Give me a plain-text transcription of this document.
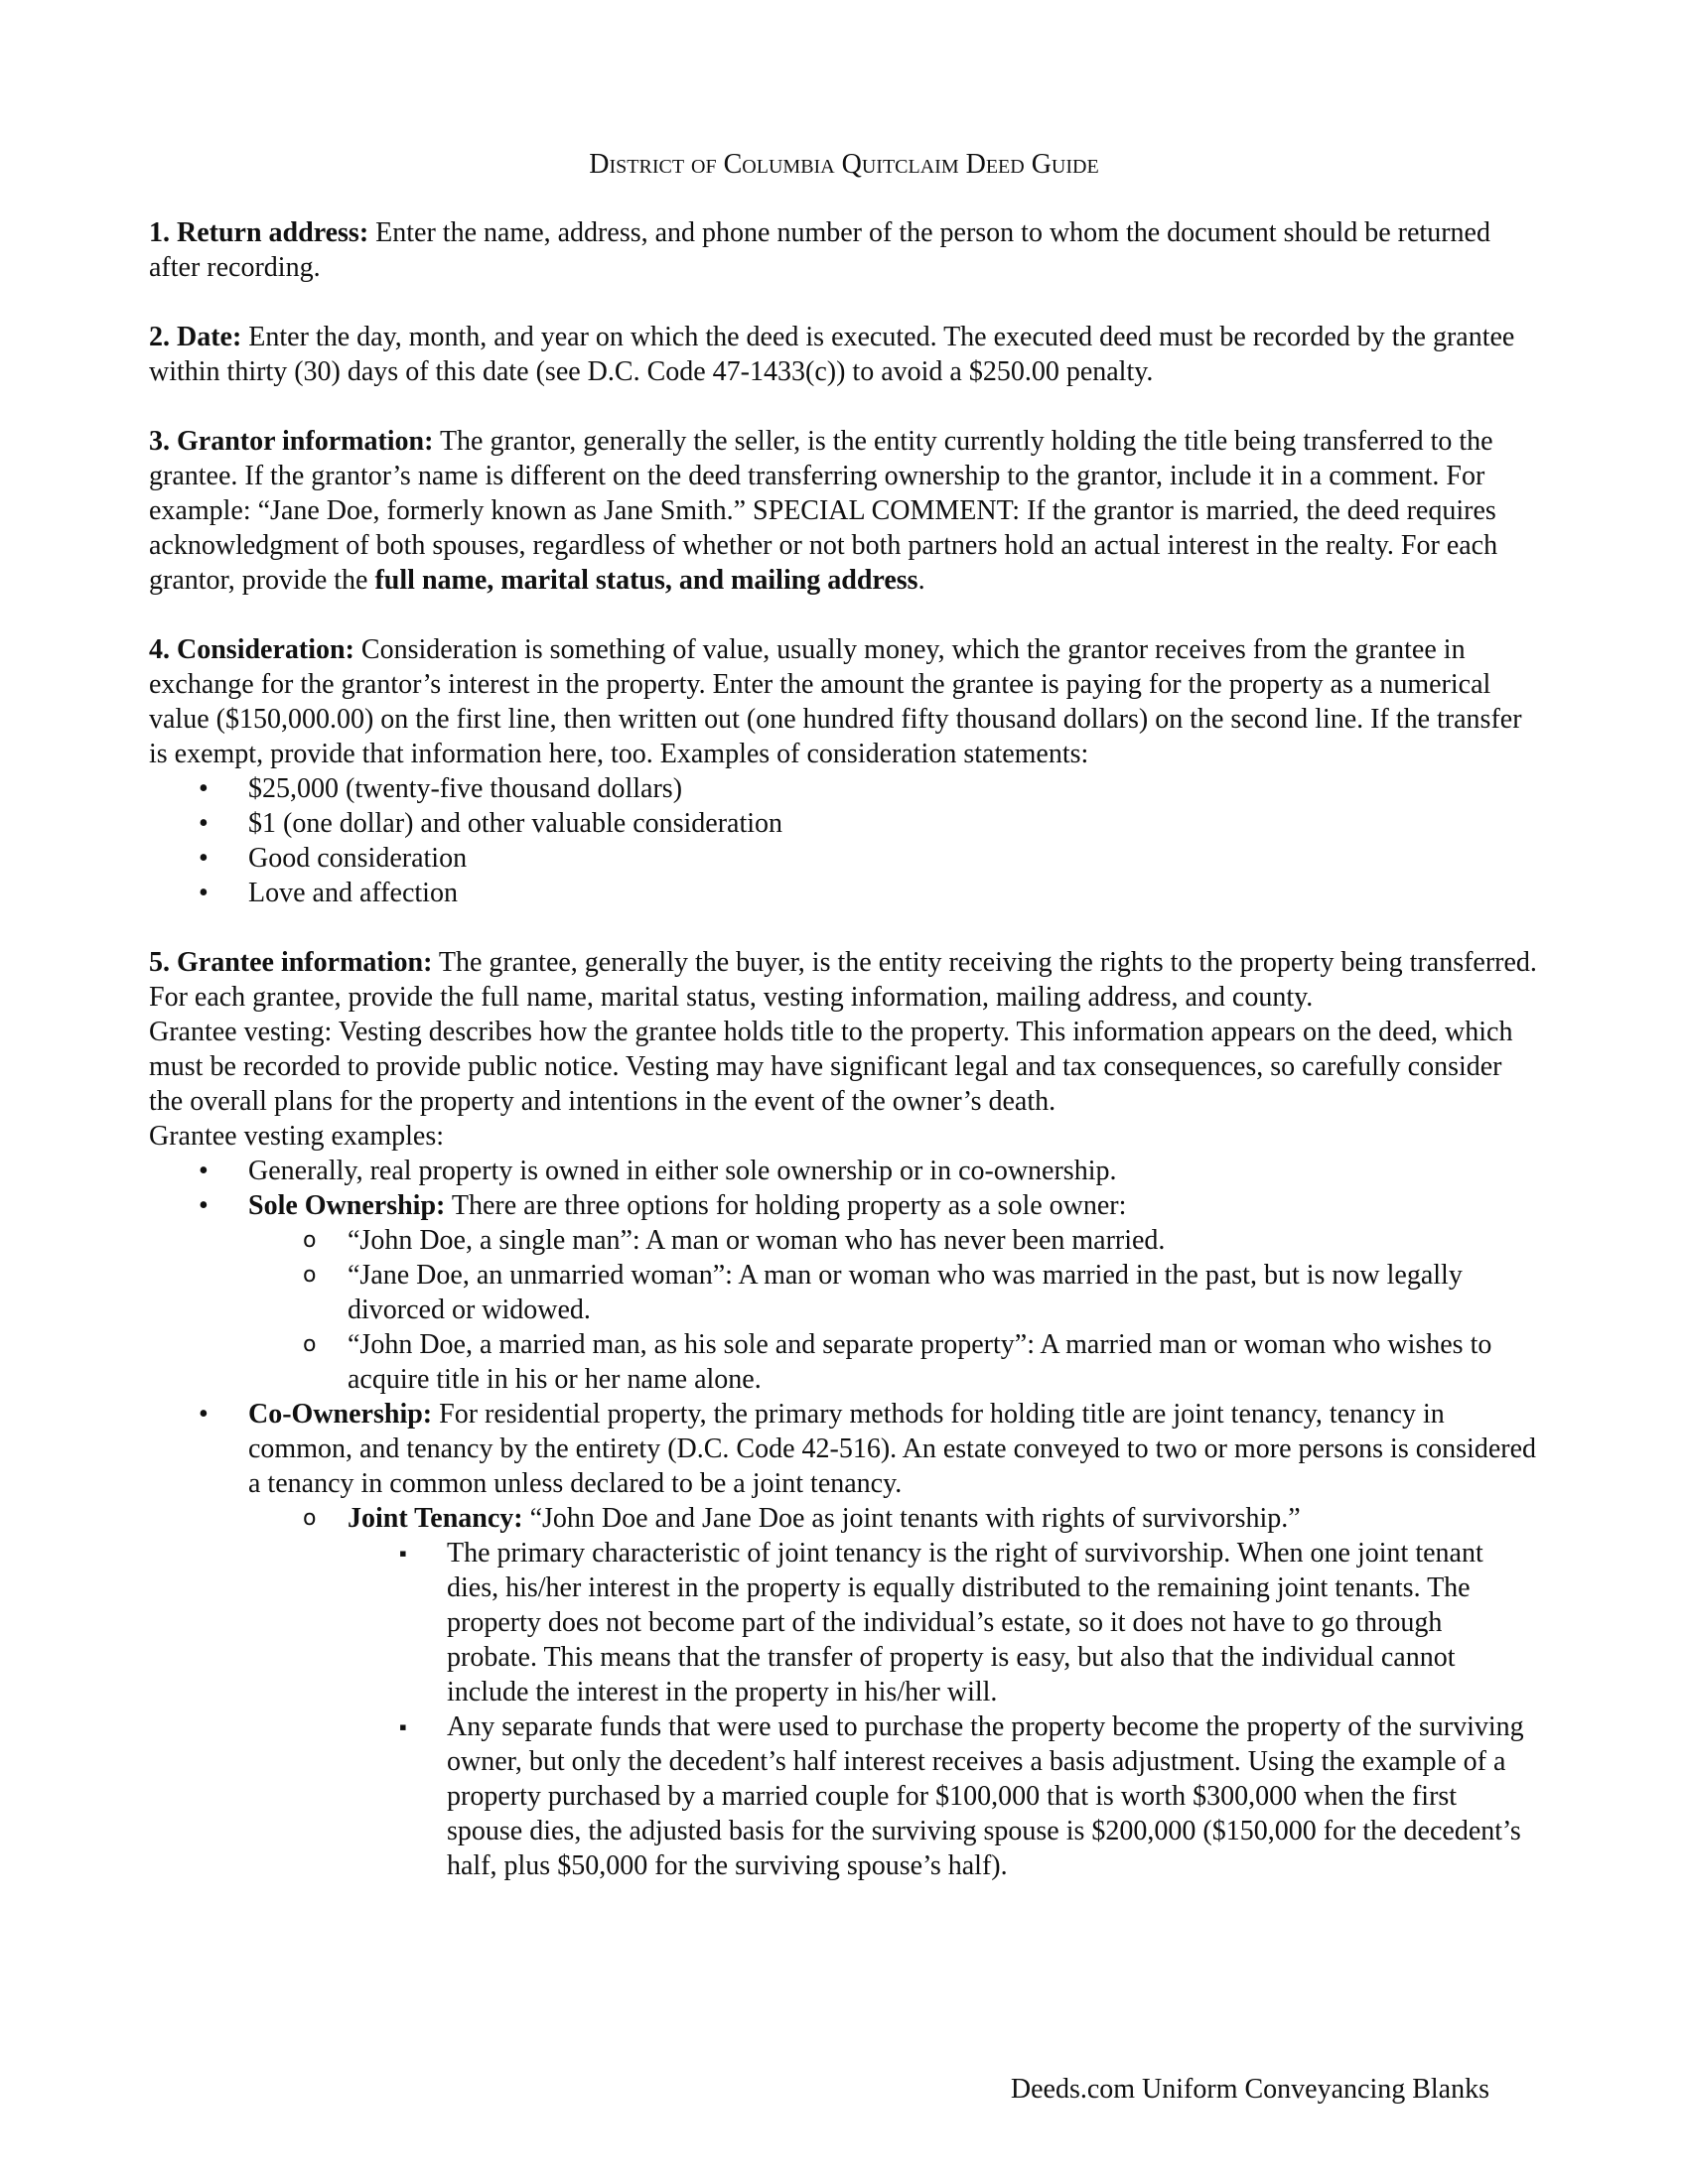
District of Columbia Quitclaim Deed Guide

1. Return address: Enter the name, address, and phone number of the person to whom the document should be returned after recording.

2. Date: Enter the day, month, and year on which the deed is executed. The executed deed must be recorded by the grantee within thirty (30) days of this date (see D.C. Code 47-1433(c)) to avoid a $250.00 penalty.

3. Grantor information: The grantor, generally the seller, is the entity currently holding the title being transferred to the grantee. If the grantor’s name is different on the deed transferring ownership to the grantor, include it in a comment. For example: “Jane Doe, formerly known as Jane Smith.” SPECIAL COMMENT: If the grantor is married, the deed requires acknowledgment of both spouses, regardless of whether or not both partners hold an actual interest in the realty. For each grantor, provide the full name, marital status, and mailing address.

4. Consideration: Consideration is something of value, usually money, which the grantor receives from the grantee in exchange for the grantor’s interest in the property. Enter the amount the grantee is paying for the property as a numerical value ($150,000.00) on the first line, then written out (one hundred fifty thousand dollars) on the second line. If the transfer is exempt, provide that information here, too. Examples of consideration statements:

• $25,000 (twenty-five thousand dollars)
• $1 (one dollar) and other valuable consideration
• Good consideration
• Love and affection

5. Grantee information: The grantee, generally the buyer, is the entity receiving the rights to the property being transferred. For each grantee, provide the full name, marital status, vesting information, mailing address, and county.

Grantee vesting: Vesting describes how the grantee holds title to the property. This information appears on the deed, which must be recorded to provide public notice. Vesting may have significant legal and tax consequences, so carefully consider the overall plans for the property and intentions in the event of the owner’s death.

Grantee vesting examples:

• Generally, real property is owned in either sole ownership or in co-ownership.
• Sole Ownership: There are three options for holding property as a sole owner:
o “John Doe, a single man”: A man or woman who has never been married.
o “Jane Doe, an unmarried woman”: A man or woman who was married in the past, but is now legally divorced or widowed.
o “John Doe, a married man, as his sole and separate property”: A married man or woman who wishes to acquire title in his or her name alone.
• Co-Ownership: For residential property, the primary methods for holding title are joint tenancy, tenancy in common, and tenancy by the entirety (D.C. Code 42-516). An estate conveyed to two or more persons is considered a tenancy in common unless declared to be a joint tenancy.
o Joint Tenancy: “John Doe and Jane Doe as joint tenants with rights of survivorship.”
▪ The primary characteristic of joint tenancy is the right of survivorship. When one joint tenant dies, his/her interest in the property is equally distributed to the remaining joint tenants. The property does not become part of the individual’s estate, so it does not have to go through probate. This means that the transfer of property is easy, but also that the individual cannot include the interest in the property in his/her will.
▪ Any separate funds that were used to purchase the property become the property of the surviving owner, but only the decedent’s half interest receives a basis adjustment. Using the example of a property purchased by a married couple for $100,000 that is worth $300,000 when the first spouse dies, the adjusted basis for the surviving spouse is $200,000 ($150,000 for the decedent’s half, plus $50,000 for the surviving spouse’s half).
Deeds.com Uniform Conveyancing Blanks
